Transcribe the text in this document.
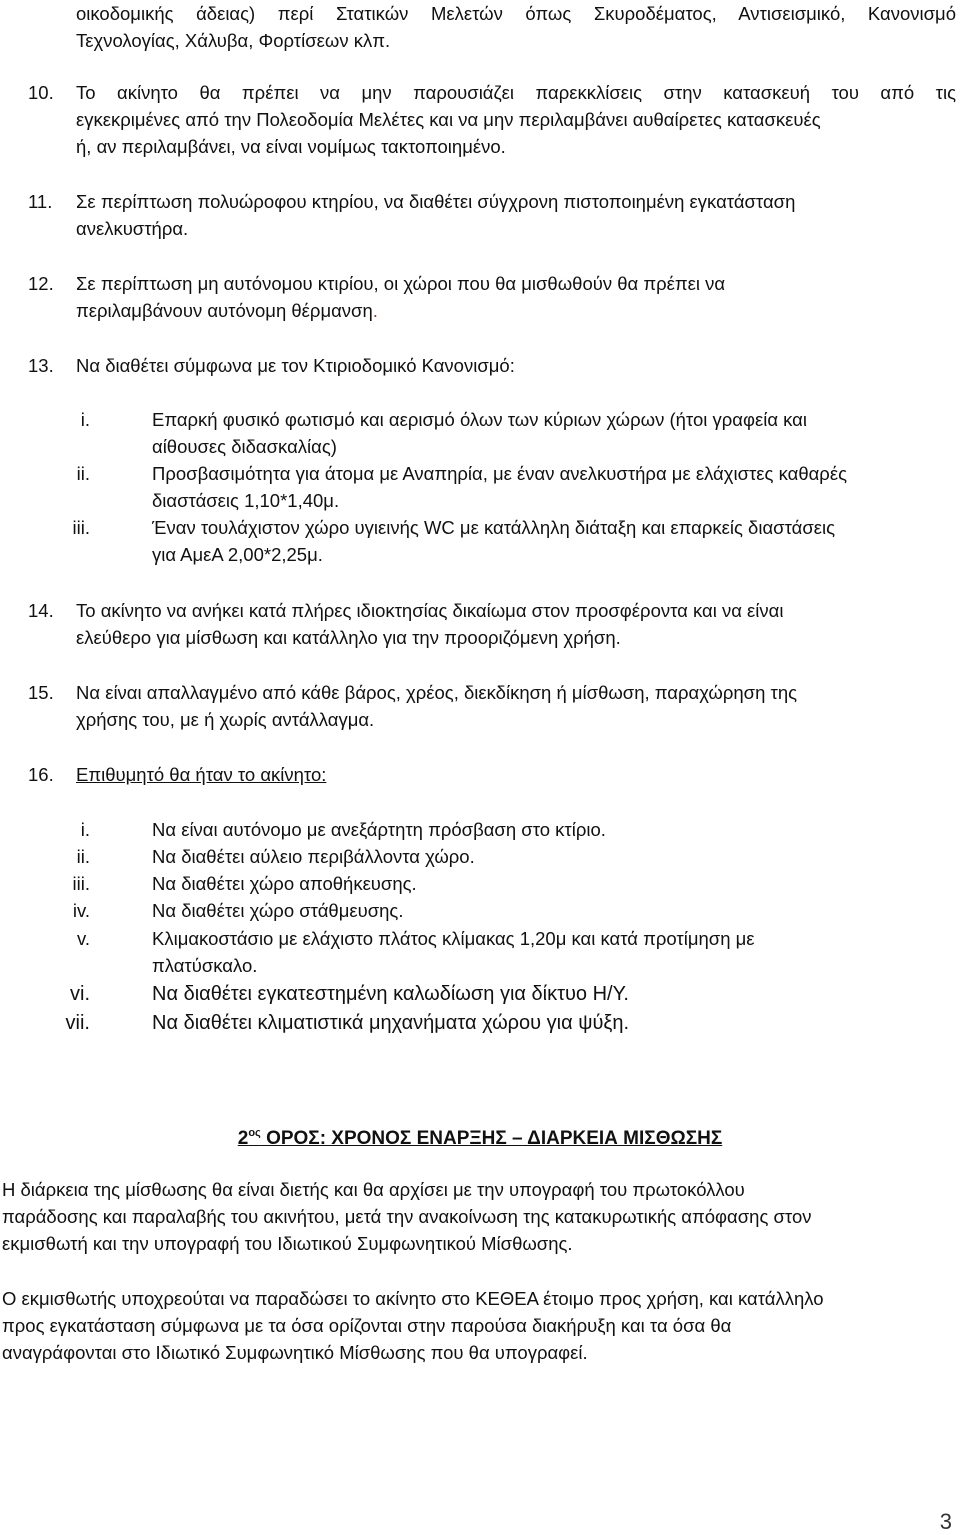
οικοδομικής άδειας) περί Στατικών Μελετών όπως Σκυροδέματος, Αντισεισμικό, Κανονισμό
Τεχνολογίας, Χάλυβα, Φορτίσεων κλπ.
10. Το ακίνητο θα πρέπει να μην παρουσιάζει παρεκκλίσεις στην κατασκευή του από τις
εγκεκριμένες από την Πολεοδομία Μελέτες και να μην περιλαμβάνει αυθαίρετες κατασκευές
ή, αν περιλαμβάνει, να είναι νομίμως τακτοποιημένο.
11. Σε περίπτωση πολυώροφου κτηρίου, να διαθέτει σύγχρονη πιστοποιημένη εγκατάσταση
ανελκυστήρα.
12. Σε περίπτωση μη αυτόνομου κτιρίου, οι χώροι που θα μισθωθούν θα πρέπει να
περιλαμβάνουν αυτόνομη θέρμανση.
13. Να διαθέτει σύμφωνα με τον Κτιριοδομικό Κανονισμό:
i.	Επαρκή φυσικό φωτισμό και αερισμό όλων των κύριων χώρων (ήτοι γραφεία και
αίθουσες διδασκαλίας)
ii.	Προσβασιμότητα για άτομα με Αναπηρία, με έναν ανελκυστήρα με ελάχιστες καθαρές
διαστάσεις 1,10*1,40μ.
iii.	Έναν τουλάχιστον χώρο υγιεινής WC με κατάλληλη διάταξη και επαρκείς διαστάσεις
για ΑμεΑ 2,00*2,25μ.
14. Το ακίνητο να ανήκει κατά πλήρες ιδιοκτησίας δικαίωμα στον προσφέροντα και να είναι
ελεύθερο για μίσθωση και κατάλληλο για την προοριζόμενη χρήση.
15. Να είναι απαλλαγμένο από κάθε βάρος, χρέος, διεκδίκηση ή μίσθωση, παραχώρηση της
χρήσης του, με ή χωρίς αντάλλαγμα.
16. Επιθυμητό θα ήταν το ακίνητο:
i.	Να είναι αυτόνομο με ανεξάρτητη πρόσβαση στο κτίριο.
ii.	Να διαθέτει αύλειο περιβάλλοντα χώρο.
iii.	Να διαθέτει χώρο αποθήκευσης.
iv.	Να διαθέτει χώρο στάθμευσης.
v.	Κλιμακοστάσιο με ελάχιστο πλάτος κλίμακας 1,20μ και κατά προτίμηση με
πλατύσκαλο.
vi.	Να διαθέτει εγκατεστημένη καλωδίωση για δίκτυο Η/Υ.
vii.	Να διαθέτει κλιματιστικά μηχανήματα χώρου για ψύξη.
$2^{o\varsigma}$ ΟΡΟΣ: ΧΡΟΝΟΣ ΕΝΑΡΞΗΣ – ΔΙΑΡΚΕΙΑ ΜΙΣΘΩΣΗΣ
Η διάρκεια της μίσθωσης θα είναι διετής και θα αρχίσει με την υπογραφή του πρωτοκόλλου
παράδοσης και παραλαβής του ακινήτου, μετά την ανακοίνωση της κατακυρωτικής απόφασης στον
εκμισθωτή και την υπογραφή του Ιδιωτικού Συμφωνητικού Μίσθωσης.
Ο εκμισθωτής υποχρεούται να παραδώσει το ακίνητο στο ΚΕΘΕΑ έτοιμο προς χρήση, και κατάλληλο
προς εγκατάσταση σύμφωνα με τα όσα ορίζονται στην παρούσα διακήρυξη και τα όσα θα
αναγράφονται στο Ιδιωτικό Συμφωνητικό Μίσθωσης που θα υπογραφεί.
3
